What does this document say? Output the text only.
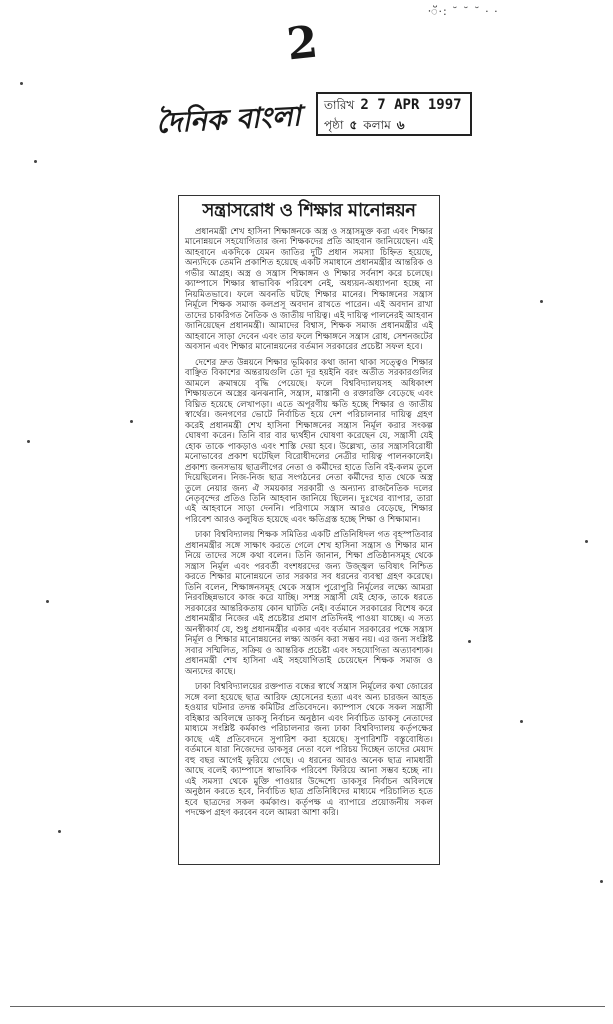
·ॅ·: ˘ ˘ ˘ · ·
2
দৈনিক বাংলা তারিখ 2 7 APR 1997
পৃষ্ঠা ৫ কলাম ৬
সন্ত্রাসরোধ ও শিক্ষার মানোন্নয়ন

প্রধানমন্ত্রী শেখ হাসিনা শিক্ষাঙ্গনকে অস্ত্র ও সন্ত্রাসমুক্ত করা এবং শিক্ষার মানোন্নয়নে সহযোগিতার জন্য শিক্ষকদের প্রতি আহবান জানিয়েছেন। এই আহবানে একদিকে যেমন জাতির দুটি প্রধান সমস্যা চিহ্নিত হয়েছে, অন্যদিকে তেমনি প্রকাশিত হয়েছে একটি সমাধানে প্রধানমন্ত্রীর আন্তরিক ও গভীর আগ্রহ। অস্ত্র ও সন্ত্রাস শিক্ষাঙ্গন ও শিক্ষার সর্বনাশ করে চলেছে। ক্যাম্পাসে শিক্ষার স্বাভাবিক পরিবেশ নেই, অধ্যয়ন-অধ্যাপনা হচ্ছে না নিয়মিতভাবে। ফলে অবনতি ঘটছে শিক্ষার মানের। শিক্ষাঙ্গনের সন্ত্রাস নির্মূলে শিক্ষক সমাজ কলপ্রসূ অবদান রাখতে পারেন। এই অবদান রাখা তাদের চাকরিগত নৈতিক ও জাতীয় দায়িত্ব। এই দায়িত্ব পালনেরই আহবান জানিয়েছেন প্রধানমন্ত্রী। আমাদের বিশ্বাস, শিক্ষক সমাজ প্রধানমন্ত্রীর এই আহবানে সাড়া দেবেন এবং তার ফলে শিক্ষাঙ্গনে সন্ত্রাস রোধ, সেশনজটের অবসান এবং শিক্ষার মানোন্নয়নের বর্তমান সরকারের প্রচেষ্টা সফল হবে।

দেশের দ্রুত উন্নয়নে শিক্ষার ভূমিকার কথা জানা থাকা সত্ত্বেও শিক্ষার বাঞ্ছিত বিকাশের অন্তরায়গুলি তো দূর হয়ইনি বরং অতীত সরকারগুলির আমলে ক্রমান্বয়ে বৃদ্ধি পেয়েছে। ফলে বিশ্ববিদ্যালয়সহ অধিকাংশ শিক্ষায়তনে অস্ত্রের ঝনঝনানি, সন্ত্রাস, মাস্তানী ও রক্তারক্তি বেড়েছে এবং বিঘ্নিত হয়েছে লেখাপড়া। এতে অপূরণীয় ক্ষতি হচ্ছে শিক্ষার ও জাতীয় স্বার্থের। জনগণের ভোটে নির্বাচিত হয়ে দেশ পরিচালনার দায়িত্ব গ্রহণ করেই প্রধানমন্ত্রী শেখ হাসিনা শিক্ষাঙ্গনের সন্ত্রাস নির্মূল করার সংকল্প ঘোষণা করেন। তিনি বার বার দ্ব্যর্থহীন ঘোষণা করেছেন যে, সন্ত্রাসী যেই হোক তাকে পাকড়াও এবং শাস্তি দেয়া হবে। উল্লেখ্য, তার সন্ত্রাসবিরোধী মনোভাবের প্রকাশ ঘটেছিল বিরোধীদলের নেত্রীর দায়িত্ব পালনকালেই। প্রকাশ্য জনসভায় ছাত্রলীগের নেতা ও কর্মীদের হাতে তিনি বই-কলম তুলে দিয়েছিলেন। নিজ-নিজ ছাত্র সংগঠনের নেতা কর্মীদের হাত থেকে অস্ত্র তুলে নেয়ার জন্য ঐ সময়কার সরকারী ও অন্যান্য রাজনৈতিক দলের নেতৃবৃন্দের প্রতিও তিনি আহবান জানিয়ে ছিলেন। দুঃখের ব্যাপার, তারা এই আহবানে সাড়া দেননি। পরিণামে সন্ত্রাস আরও বেড়েছে, শিক্ষার পরিবেশ আরও কলুষিত হয়েছে এবং ক্ষতিগ্রস্ত হচ্ছে শিক্ষা ও শিক্ষামান।

ঢাকা বিশ্ববিদ্যালয় শিক্ষক সমিতির একটি প্রতিনিধিদল গত বৃহস্পতিবার প্রধানমন্ত্রীর সঙ্গে সাক্ষাৎ করতে গেলে শেখ হাসিনা সন্ত্রাস ও শিক্ষার মান নিয়ে তাদের সঙ্গে কথা বলেন। তিনি জানান, শিক্ষা প্রতিষ্ঠানসমূহ থেকে সন্ত্রাস নির্মূল এবং পরবর্তী বংশধরদের জন্য উজ্জ্বল ভবিষ্যৎ নিশ্চিত করতে শিক্ষার মানোন্নয়নে তার সরকার সব ধরনের ব্যবস্থা গ্রহণ করেছে। তিনি বলেন, শিক্ষাঙ্গনসমূহ থেকে সন্ত্রাস পুরোপুরি নির্মূলের লক্ষ্যে আমরা নিরবচ্ছিন্নভাবে কাজ করে যাচ্ছি। সশস্ত্র সন্ত্রাসী যেই হোক, তাকে ধরতে সরকারের আন্তরিকতায় কোন ঘাটতি নেই। বর্তমানে সরকারের বিশেষ করে প্রধানমন্ত্রীর নিজের এই প্রচেষ্টার প্রমাণ প্রতিদিনই পাওয়া যাচ্ছে। এ সত্য অনস্বীকার্য যে, শুধু প্রধানমন্ত্রীর একার এবং বর্তমান সরকারের পক্ষে সন্ত্রাস নির্মূল ও শিক্ষার মানোন্নয়নের লক্ষ্য অর্জন করা সম্ভব নয়। এর জন্য সংশ্লিষ্ট সবার সম্মিলিত, সক্রিয় ও আন্তরিক প্রচেষ্টা এবং সহযোগিতা অত্যাবশ্যক। প্রধানমন্ত্রী শেখ হাসিনা এই সহযোগিতাই চেয়েছেন শিক্ষক সমাজ ও অন্যদের কাছে।

ঢাকা বিশ্ববিদ্যালয়ের রক্তপাত বন্ধের স্বার্থে সন্ত্রাস নির্মূলের কথা জোরের সঙ্গে বলা হয়েছে ছাত্র আরিফ হোসেনের হত্যা এবং অন্য চারজন আহত হওয়ার ঘটনার তদন্ত কমিটির প্রতিবেদনে। ক্যাম্পাস থেকে সকল সন্ত্রাসী বহিষ্কার অবিলম্বে ডাকসু নির্বাচন অনুষ্ঠান এবং নির্বাচিত ডাকসু নেতাদের মাধ্যমে সংশ্লিষ্ট কর্মকাণ্ড পরিচালনার জন্য ঢাকা বিশ্ববিদ্যালয় কর্তৃপক্ষের কাছে এই প্রতিবেদনে সুপারিশ করা হয়েছে। সুপারিশটি বস্তুবোধিত। বর্তমানে যারা নিজেদের ডাকসুর নেতা বলে পরিচয় দিচ্ছেন তাদের মেয়াদ বহু বছর আগেই ফুরিয়ে গেছে। এ ধরনের আরও অনেক ছাত্র নামধারী আছে বলেই ক্যাম্পাসে স্বাভাবিক পরিবেশ ফিরিয়ে আনা সম্ভব হচ্ছে না। এই সমস্যা থেকে মুক্তি পাওয়ার উদ্দেশ্যে ডাকসুর নির্বাচন অবিলম্বে অনুষ্ঠান করতে হবে, নির্বাচিত ছাত্র প্রতিনিধিদের মাধ্যমে পরিচালিত হতে হবে ছাত্রদের সকল কর্মকাণ্ড। কর্তৃপক্ষ এ ব্যাপারে প্রয়োজনীয় সকল পদক্ষেপ গ্রহণ করবেন বলে আমরা আশা করি।
